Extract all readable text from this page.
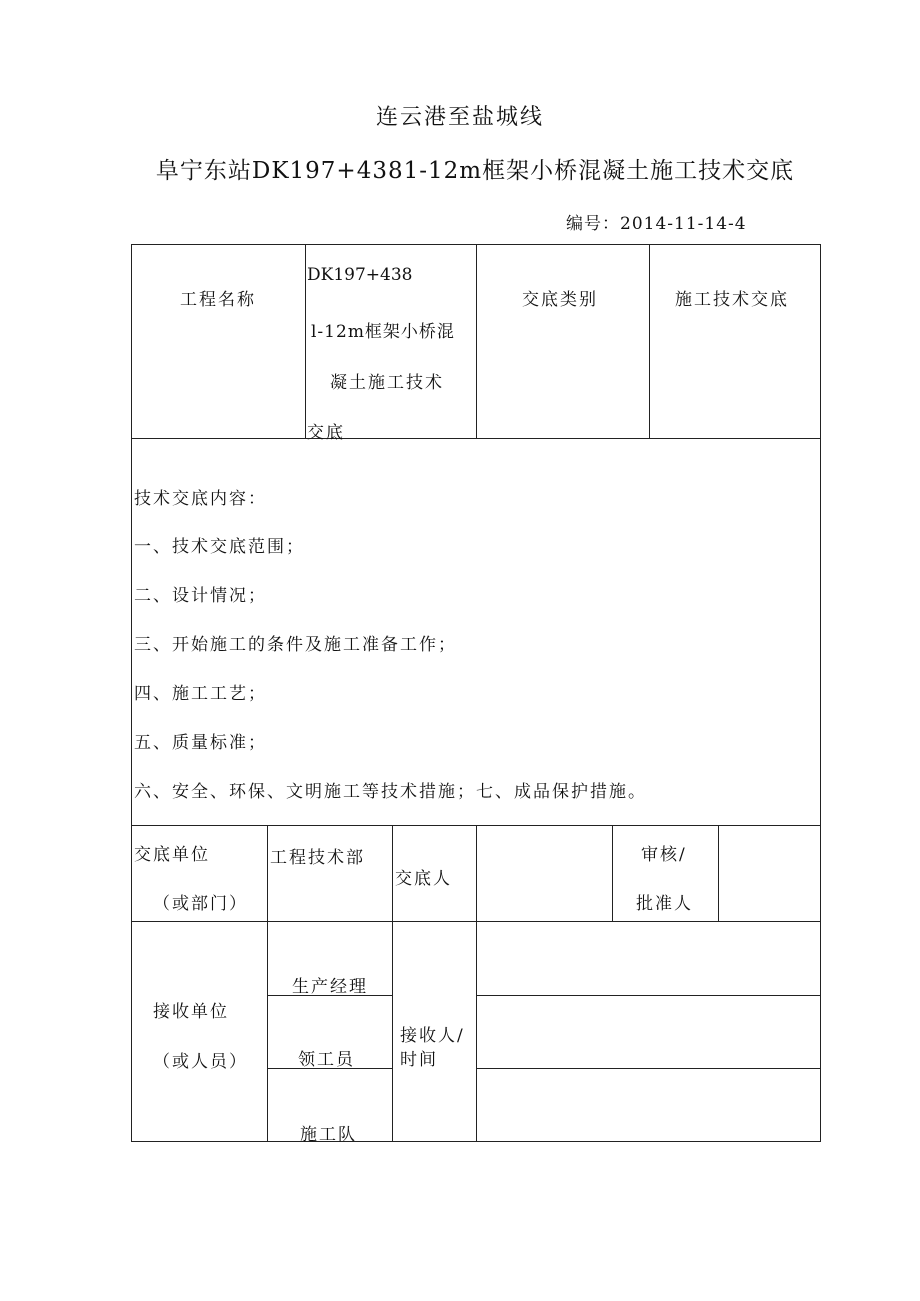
连云港至盐城线
阜宁东站DK197+4381-12m框架小桥混凝土施工技术交底
编号：2014-11-14-4
工程名称
DK197+438
l-12m框架小桥混
凝土施工技术
交底
交底类别	施工技术交底
技术交底内容：
一、技术交底范围；
二、设计情况；
三、开始施工的条件及施工准备工作；
四、施工工艺；
五、质量标准；
六、安全、环保、文明施工等技术措施；七、成品保护措施。
交底单位
（或部门）
工程技术部
交底人
审核/
批准人
接收单位
（或人员）
生产经理
领工员
施工队
接收人/
时间
